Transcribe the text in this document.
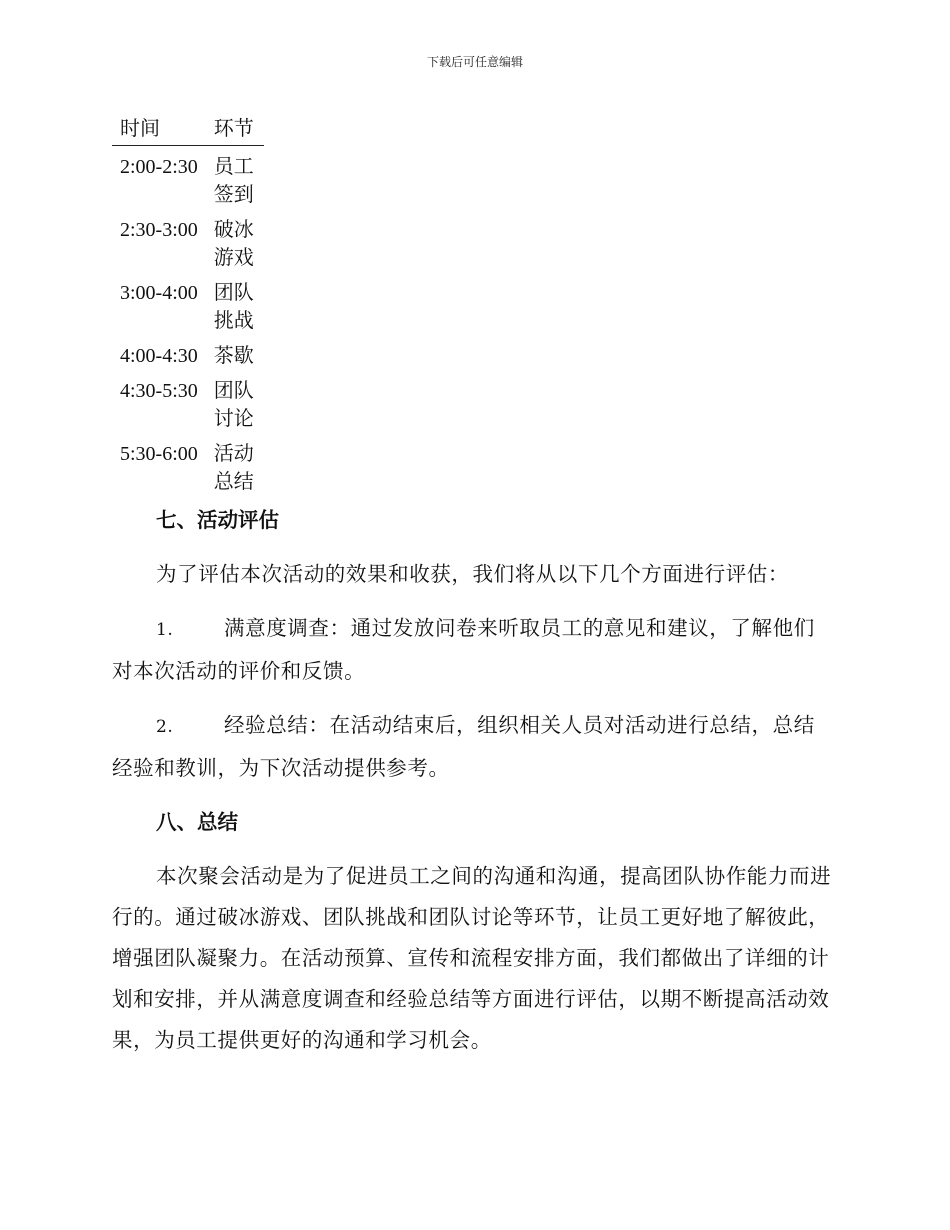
下载后可任意编辑
时间	环节
2:00-2:30	员工签到
2:30-3:00	破冰游戏
3:00-4:00	团队挑战
4:00-4:30	茶歇
4:30-5:30	团队讨论
5:30-6:00	活动总结
七、活动评估

为了评估本次活动的效果和收获，我们将从以下几个方面进行评估：

1. 满意度调查：通过发放问卷来听取员工的意见和建议，了解他们对本次活动的评价和反馈。

2. 经验总结：在活动结束后，组织相关人员对活动进行总结，总结经验和教训，为下次活动提供参考。

八、总结

本次聚会活动是为了促进员工之间的沟通和沟通，提高团队协作能力而进行的。通过破冰游戏、团队挑战和团队讨论等环节，让员工更好地了解彼此，增强团队凝聚力。在活动预算、宣传和流程安排方面，我们都做出了详细的计划和安排，并从满意度调查和经验总结等方面进行评估，以期不断提高活动效果，为员工提供更好的沟通和学习机会。
